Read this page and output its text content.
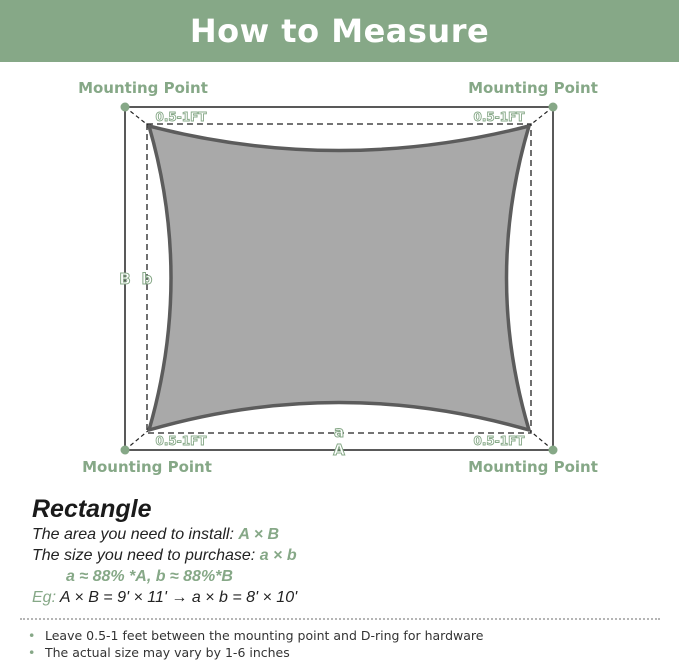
How to Measure
Mounting Point	Mounting Point
Mounting Point	Mounting Point
0.5-1FT	0.5-1FT
0.5-1FT	0.5-1FT
B b
a
A
Rectangle
The area you need to install: A × B
The size you need to purchase: a × b
a ≈ 88% *A, b ≈ 88%*B
Eg: A × B = 9' × 11' → a × b = 8' × 10'
• Leave 0.5-1 feet between the mounting point and D-ring for hardware
• The actual size may vary by 1-6 inches
